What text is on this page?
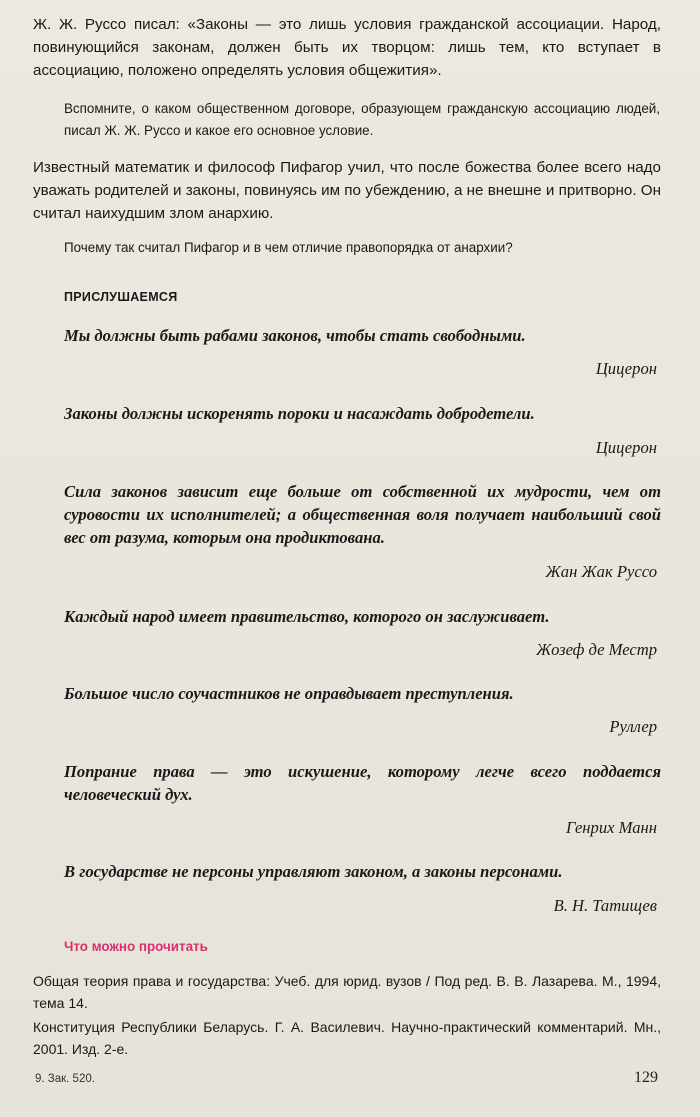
Ж. Ж. Руссо писал: «Законы — это лишь условия гражданской ассоциации. Народ, повинующийся законам, должен быть их творцом: лишь тем, кто вступает в ассоциацию, положено определять условия общежития».
Вспомните, о каком общественном договоре, образующем гражданскую ассоциацию людей, писал Ж. Ж. Руссо и какое его основное условие.
Известный математик и философ Пифагор учил, что после божества более всего надо уважать родителей и законы, повинуясь им по убеждению, а не внешне и притворно. Он считал наихудшим злом анархию.
Почему так считал Пифагор и в чем отличие правопорядка от анархии?
ПРИСЛУШАЕМСЯ
Мы должны быть рабами законов, чтобы стать свободными.
Цицерон
Законы должны искоренять пороки и насаждать добродетели.
Цицерон
Сила законов зависит еще больше от собственной их мудрости, чем от суровости их исполнителей; а общественная воля получает наибольший свой вес от разума, которым она продиктована.
Жан Жак Руссо
Каждый народ имеет правительство, которого он заслуживает.
Жозеф де Местр
Большое число соучастников не оправдывает преступления.
Руллер
Попрание права — это искушение, которому легче всего поддается человеческий дух.
Генрих Манн
В государстве не персоны управляют законом, а законы персонами.
В. Н. Татищев
Что можно прочитать
Общая теория права и государства: Учеб. для юрид. вузов / Под ред. В. В. Лазарева. М., 1994, тема 14.
Конституция Республики Беларусь. Г. А. Василевич. Научно-практический комментарий. Мн., 2001. Изд. 2-е.
9. Зак. 520.	129
